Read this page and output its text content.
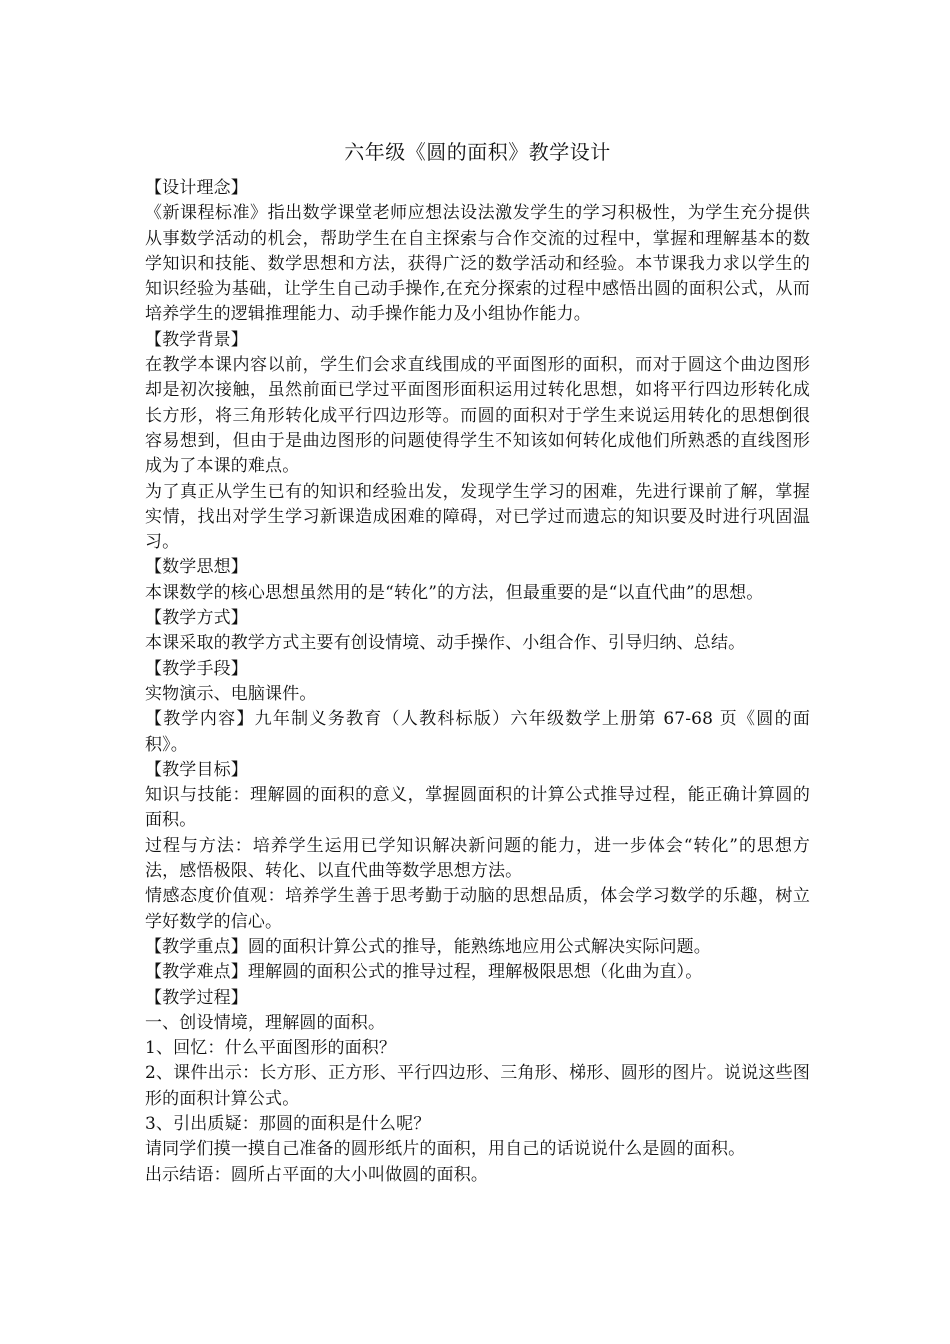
六年级《圆的面积》教学设计
【设计理念】
《新课程标准》指出数学课堂老师应想法设法激发学生的学习积极性，为学生充分提供从事数学活动的机会，帮助学生在自主探索与合作交流的过程中，掌握和理解基本的数学知识和技能、数学思想和方法，获得广泛的数学活动和经验。本节课我力求以学生的知识经验为基础，让学生自己动手操作,在充分探索的过程中感悟出圆的面积公式，从而培养学生的逻辑推理能力、动手操作能力及小组协作能力。
【教学背景】
在教学本课内容以前，学生们会求直线围成的平面图形的面积，而对于圆这个曲边图形却是初次接触，虽然前面已学过平面图形面积运用过转化思想，如将平行四边形转化成长方形，将三角形转化成平行四边形等。而圆的面积对于学生来说运用转化的思想倒很容易想到，但由于是曲边图形的问题使得学生不知该如何转化成他们所熟悉的直线图形成为了本课的难点。
为了真正从学生已有的知识和经验出发，发现学生学习的困难，先进行课前了解，掌握实情，找出对学生学习新课造成困难的障碍，对已学过而遗忘的知识要及时进行巩固温习。
【数学思想】
本课数学的核心思想虽然用的是“转化”的方法，但最重要的是“以直代曲”的思想。
【教学方式】
本课采取的教学方式主要有创设情境、动手操作、小组合作、引导归纳、总结。
【教学手段】
实物演示、电脑课件。
【教学内容】九年制义务教育（人教科标版）六年级数学上册第 67-68 页《圆的面积》。
【教学目标】
知识与技能：理解圆的面积的意义，掌握圆面积的计算公式推导过程，能正确计算圆的面积。
过程与方法：培养学生运用已学知识解决新问题的能力，进一步体会“转化”的思想方法，感悟极限、转化、以直代曲等数学思想方法。
情感态度价值观：培养学生善于思考勤于动脑的思想品质，体会学习数学的乐趣，树立学好数学的信心。
【教学重点】圆的面积计算公式的推导，能熟练地应用公式解决实际问题。
【教学难点】理解圆的面积公式的推导过程，理解极限思想（化曲为直）。
【教学过程】
一、创设情境，理解圆的面积。
1、回忆：什么平面图形的面积？
2、课件出示：长方形、正方形、平行四边形、三角形、梯形、圆形的图片。说说这些图形的面积计算公式。
3、引出质疑：那圆的面积是什么呢？
请同学们摸一摸自己准备的圆形纸片的面积，用自己的话说说什么是圆的面积。
出示结语：圆所占平面的大小叫做圆的面积。
